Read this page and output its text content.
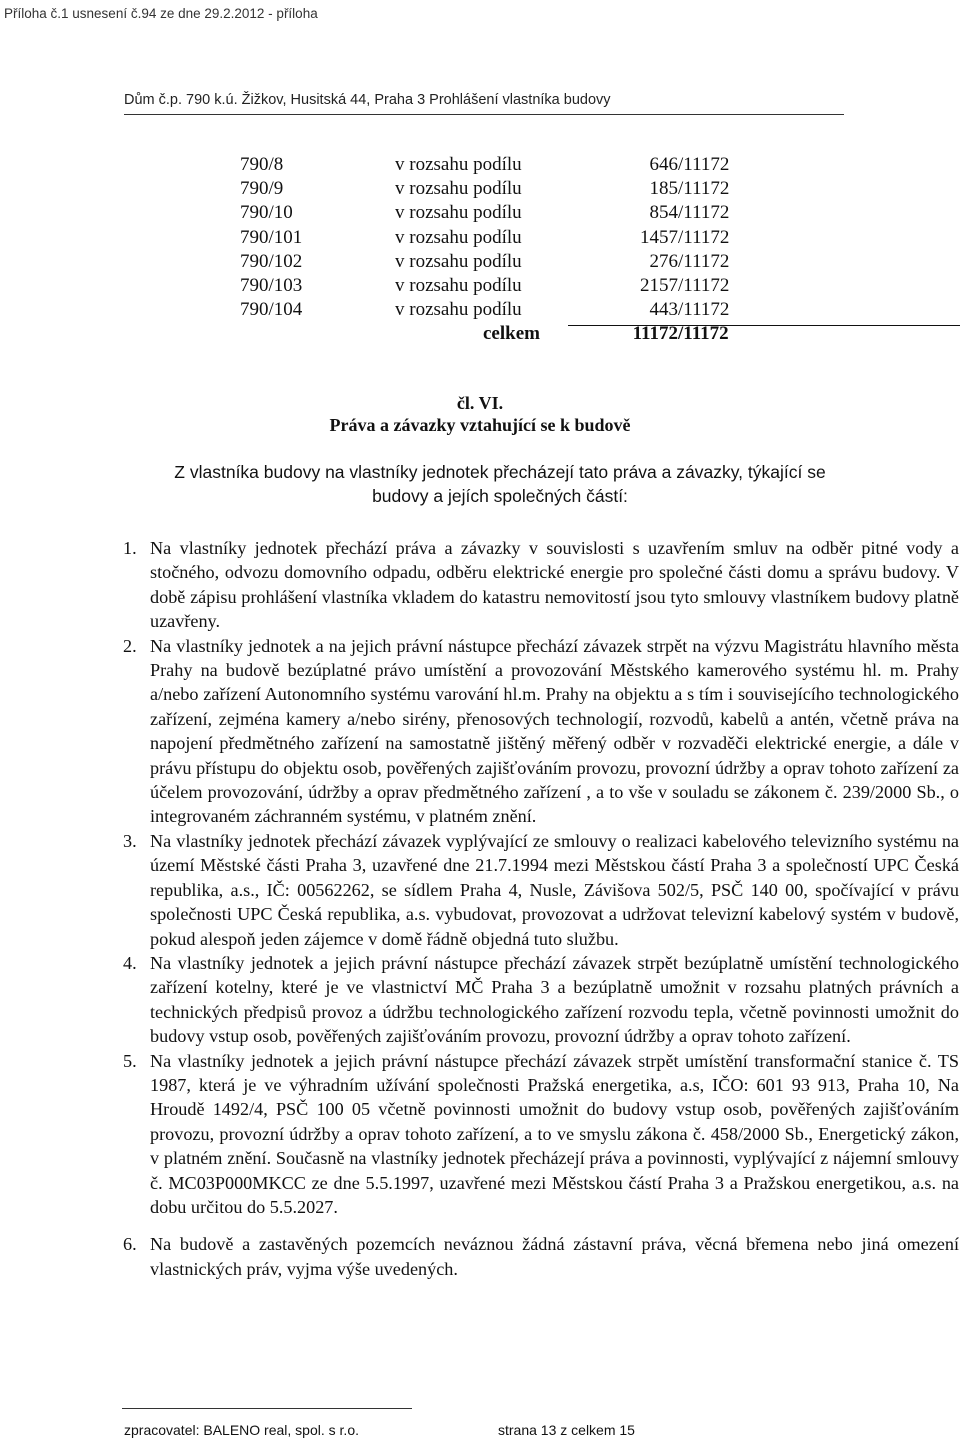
Příloha č.1 usnesení č.94 ze dne 29.2.2012 - příloha
Dům č.p. 790 k.ú. Žižkov, Husitská 44, Praha 3 Prohlášení vlastníka budovy
790/8	v rozsahu podílu	646 /11172
790/9	v rozsahu podílu	185 /11172
790/10	v rozsahu podílu	854 /11172
790/101	v rozsahu podílu	1457 /11172
790/102	v rozsahu podílu	276 /11172
790/103	v rozsahu podílu	2157 /11172
790/104	v rozsahu podílu	443 /11172
celkem	11172 /11172
čl. VI.
Práva a závazky vztahující se k budově
Z vlastníka budovy na vlastníky jednotek přecházejí tato práva a závazky, týkající se budovy a jejích společných částí:
1. Na vlastníky jednotek přechází práva a závazky v souvislosti s uzavřením smluv na odběr pitné vody a stočného, odvozu domovního odpadu, odběru elektrické energie pro společné části domu a správu budovy. V době zápisu prohlášení vlastníka vkladem do katastru nemovitostí jsou tyto smlouvy vlastníkem budovy platně uzavřeny.
2. Na vlastníky jednotek a na jejich právní nástupce přechází závazek strpět na výzvu Magistrátu hlavního města Prahy na budově bezúplatné právo umístění a provozování Městského kamerového systému hl. m. Prahy a/nebo zařízení Autonomního systému varování hl.m. Prahy na objektu a s tím i souvisejícího technologického zařízení, zejména kamery a/nebo sirény, přenosových technologií, rozvodů, kabelů a antén, včetně práva na napojení předmětného zařízení na samostatně jištěný měřený odběr v rozvaděči elektrické energie, a dále v právu přístupu do objektu osob, pověřených zajišťováním provozu, provozní údržby a oprav tohoto zařízení za účelem provozování, údržby a oprav předmětného zařízení , a to vše v souladu se zákonem č. 239/2000 Sb., o integrovaném záchranném systému, v platném znění.
3. Na vlastníky jednotek přechází závazek vyplývající ze smlouvy o realizaci kabelového televizního systému na území Městské části Praha 3, uzavřené dne 21.7.1994 mezi Městskou částí Praha 3 a společností UPC Česká republika, a.s., IČ: 00562262, se sídlem Praha 4, Nusle, Závišova 502/5, PSČ 140 00, spočívající v právu společnosti UPC Česká republika, a.s. vybudovat, provozovat a udržovat televizní kabelový systém v budově, pokud alespoň jeden zájemce v domě řádně objedná tuto službu.
4. Na vlastníky jednotek a jejich právní nástupce přechází závazek strpět bezúplatně umístění technologického zařízení kotelny, které je ve vlastnictví MČ Praha 3 a bezúplatně umožnit v rozsahu platných právních a technických předpisů provoz a údržbu technologického zařízení rozvodu tepla, včetně povinnosti umožnit do budovy vstup osob, pověřených zajišťováním provozu, provozní údržby a oprav tohoto zařízení.
5. Na vlastníky jednotek a jejich právní nástupce přechází závazek strpět umístění transformační stanice č. TS 1987, která je ve výhradním užívání společnosti Pražská energetika, a.s, IČO: 601 93 913, Praha 10, Na Hroudě 1492/4, PSČ 100 05 včetně povinnosti umožnit do budovy vstup osob, pověřených zajišťováním provozu, provozní údržby a oprav tohoto zařízení, a to ve smyslu zákona č. 458/2000 Sb., Energetický zákon, v platném znění. Současně na vlastníky jednotek přecházejí práva a povinnosti, vyplývající z nájemní smlouvy č. MC03P000MKCC ze dne 5.5.1997, uzavřené mezi Městskou částí Praha 3 a Pražskou energetikou, a.s. na dobu určitou do 5.5.2027.
6. Na budově a zastavěných pozemcích neváznou žádná zástavní práva, věcná břemena nebo jiná omezení vlastnických práv, vyjma výše uvedených.
zpracovatel: BALENO real, spol. s r.o.	strana 13 z celkem 15
